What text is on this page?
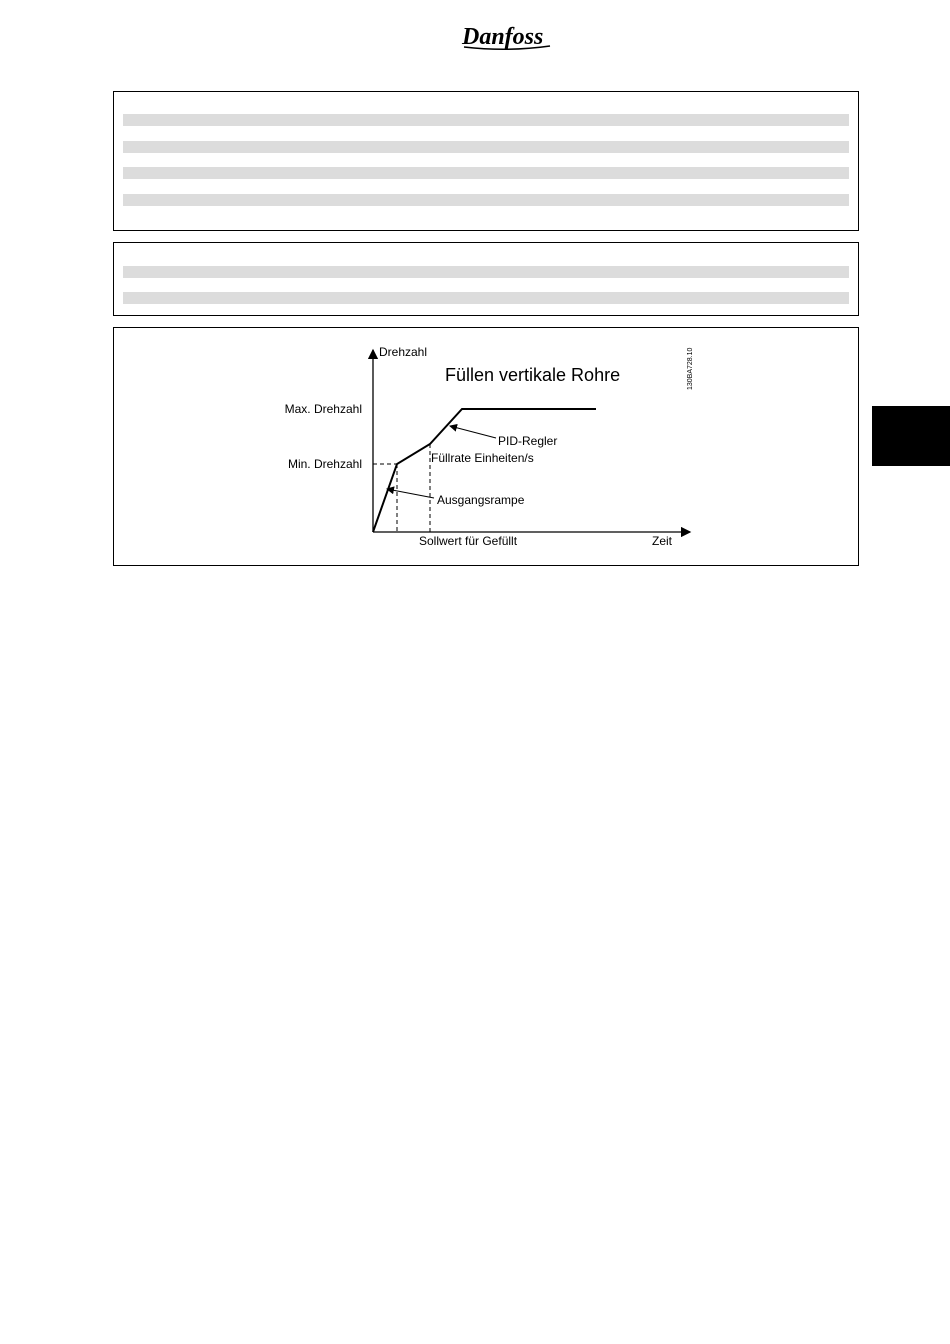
Danfoss
Drehzahl
Füllen vertikale Rohre
Max. Drehzahl
Min. Drehzahl
PID-Regler
Füllrate Einheiten/s
Ausgangsrampe
Sollwert für Gefüllt	Zeit
130BA728.10
